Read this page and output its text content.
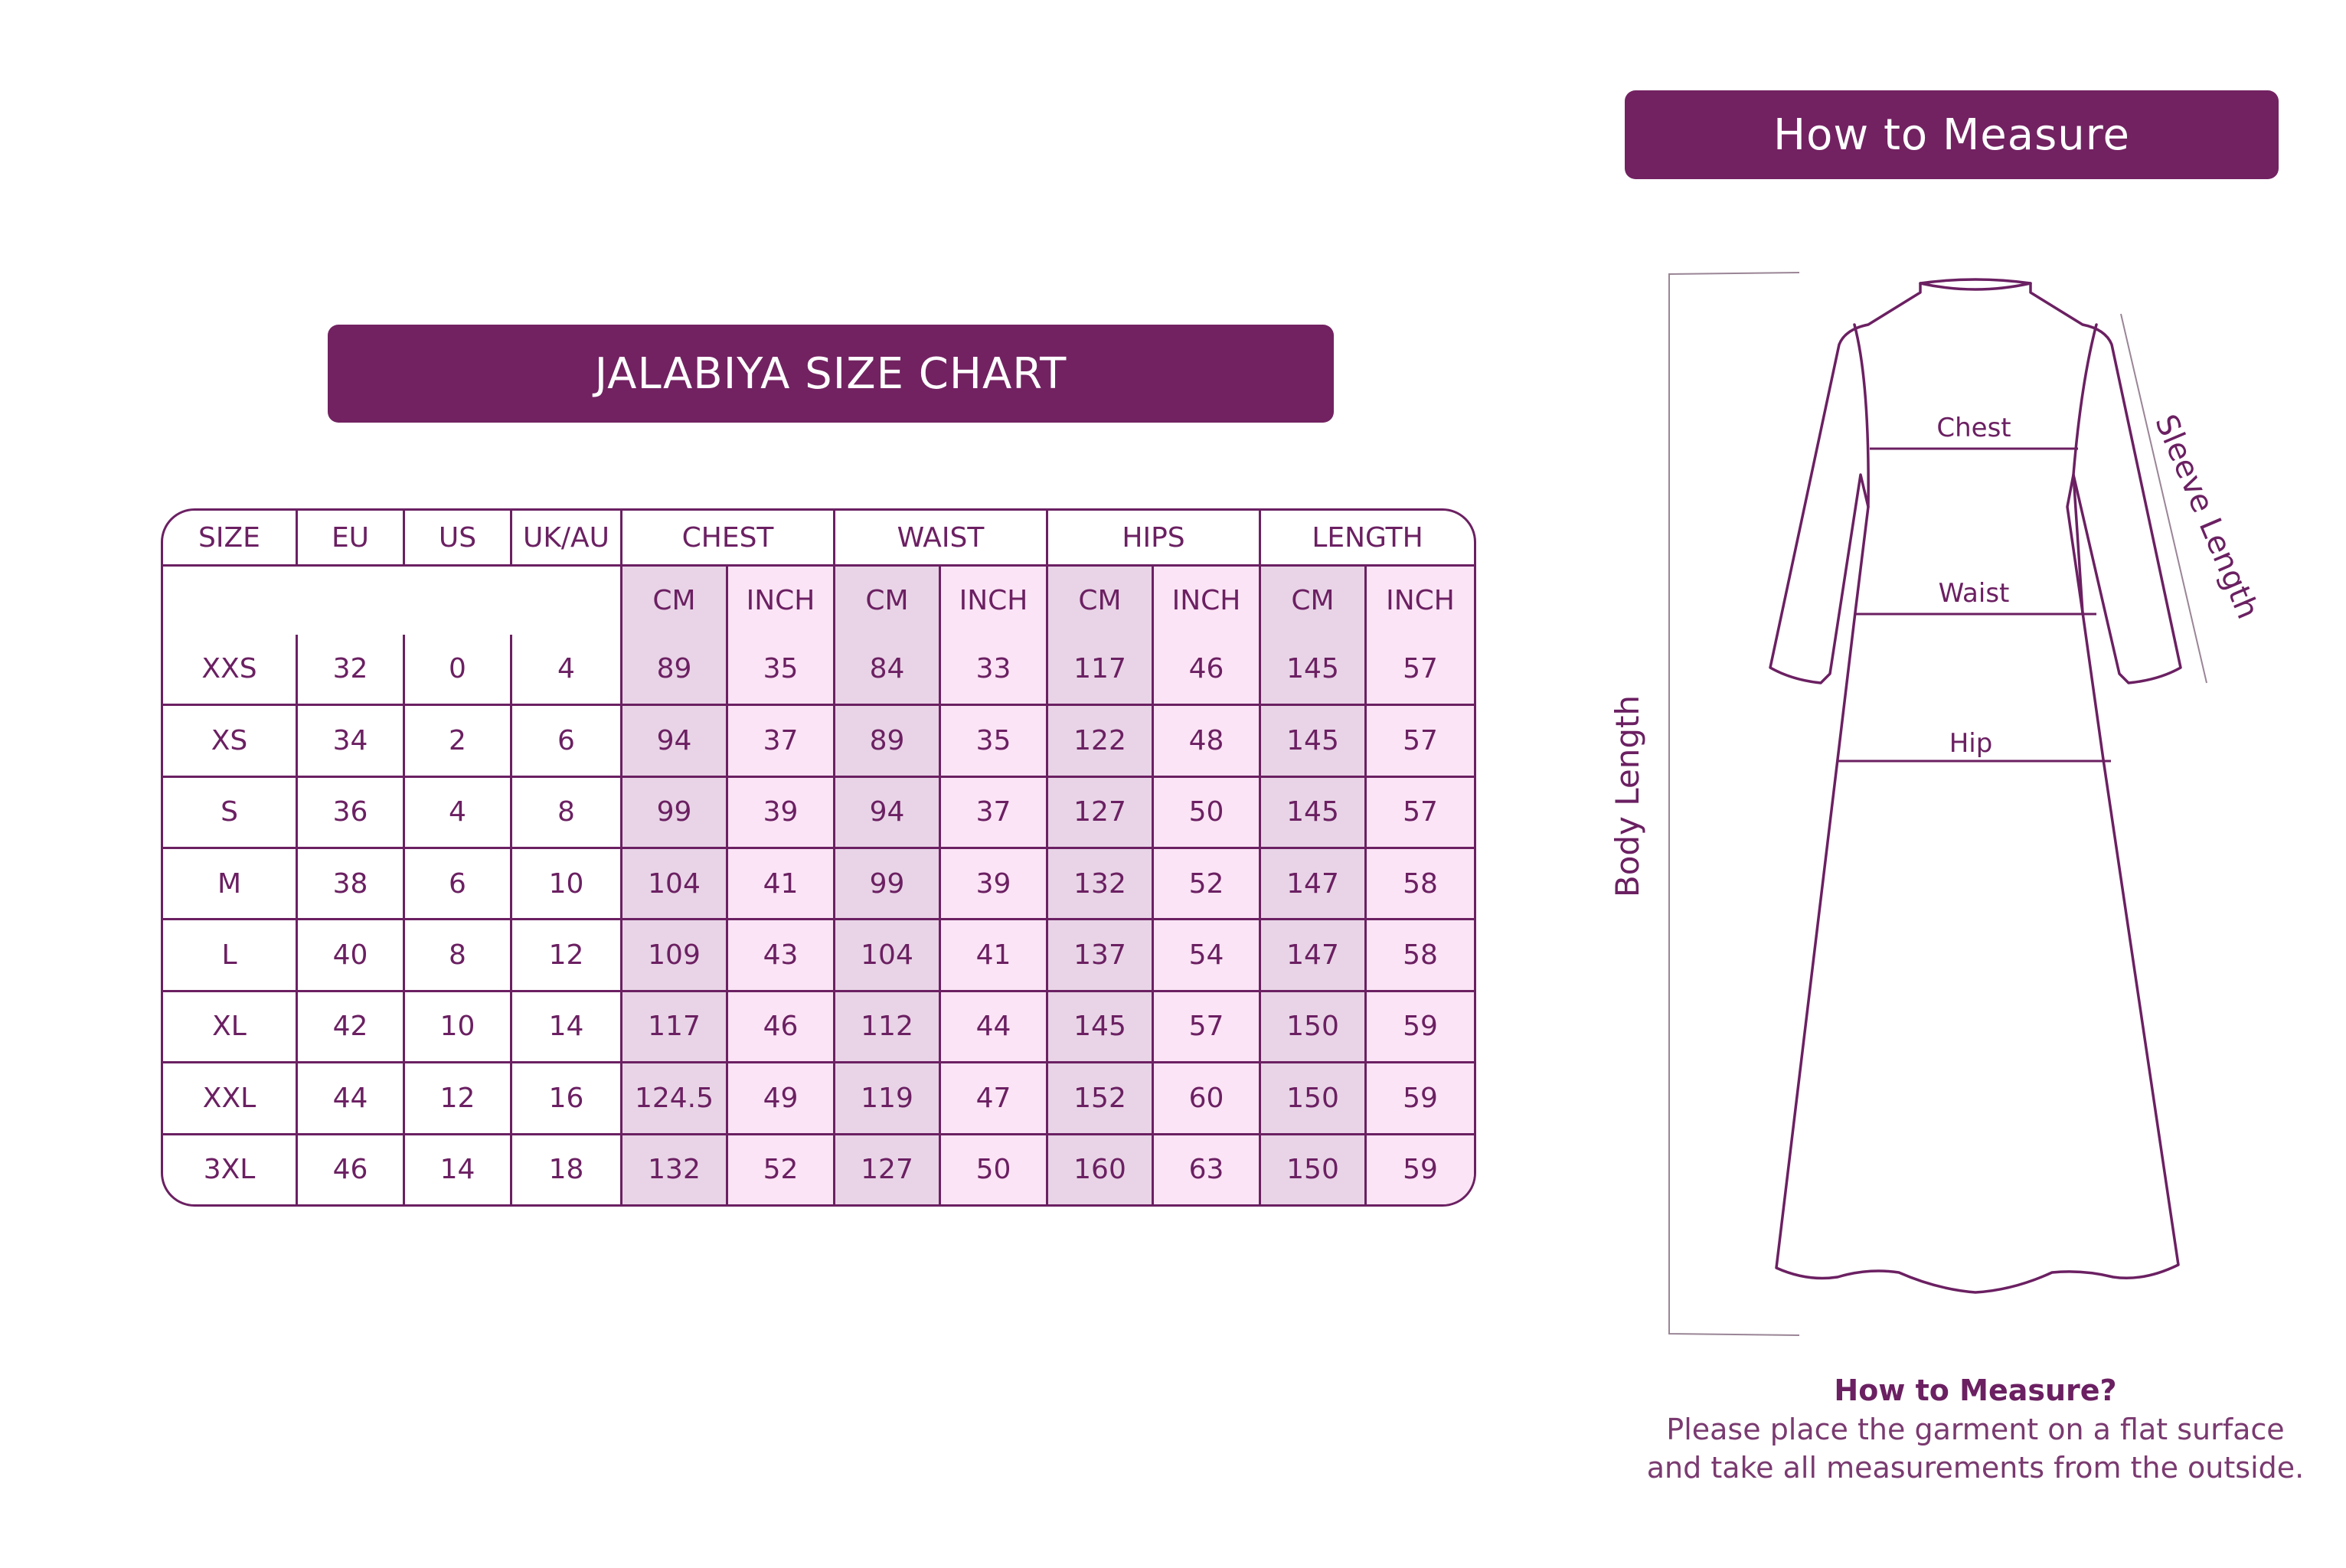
How to Measure
JALABIYA SIZE CHART
SIZE	EU	US	UK/AU	CHEST		WAIST		HIPS		LENGTH	
				CM	INCH	CM	INCH	CM	INCH	CM	INCH
XXS	32	0	4	89	35	84	33	117	46	145	57
XS	34	2	6	94	37	89	35	122	48	145	57
S	36	4	8	99	39	94	37	127	50	145	57
M	38	6	10	104	41	99	39	132	52	147	58
L	40	8	12	109	43	104	41	137	54	147	58
XL	42	10	14	117	46	112	44	145	57	150	59
XXL	44	12	16	124.5	49	119	47	152	60	150	59
3XL	46	14	18	132	52	127	50	160	63	150	59
Chest
Waist
Hip
Sleeve Length
Body Length
How to Measure?
Please place the garment on a flat surface
and take all measurements from the outside.
